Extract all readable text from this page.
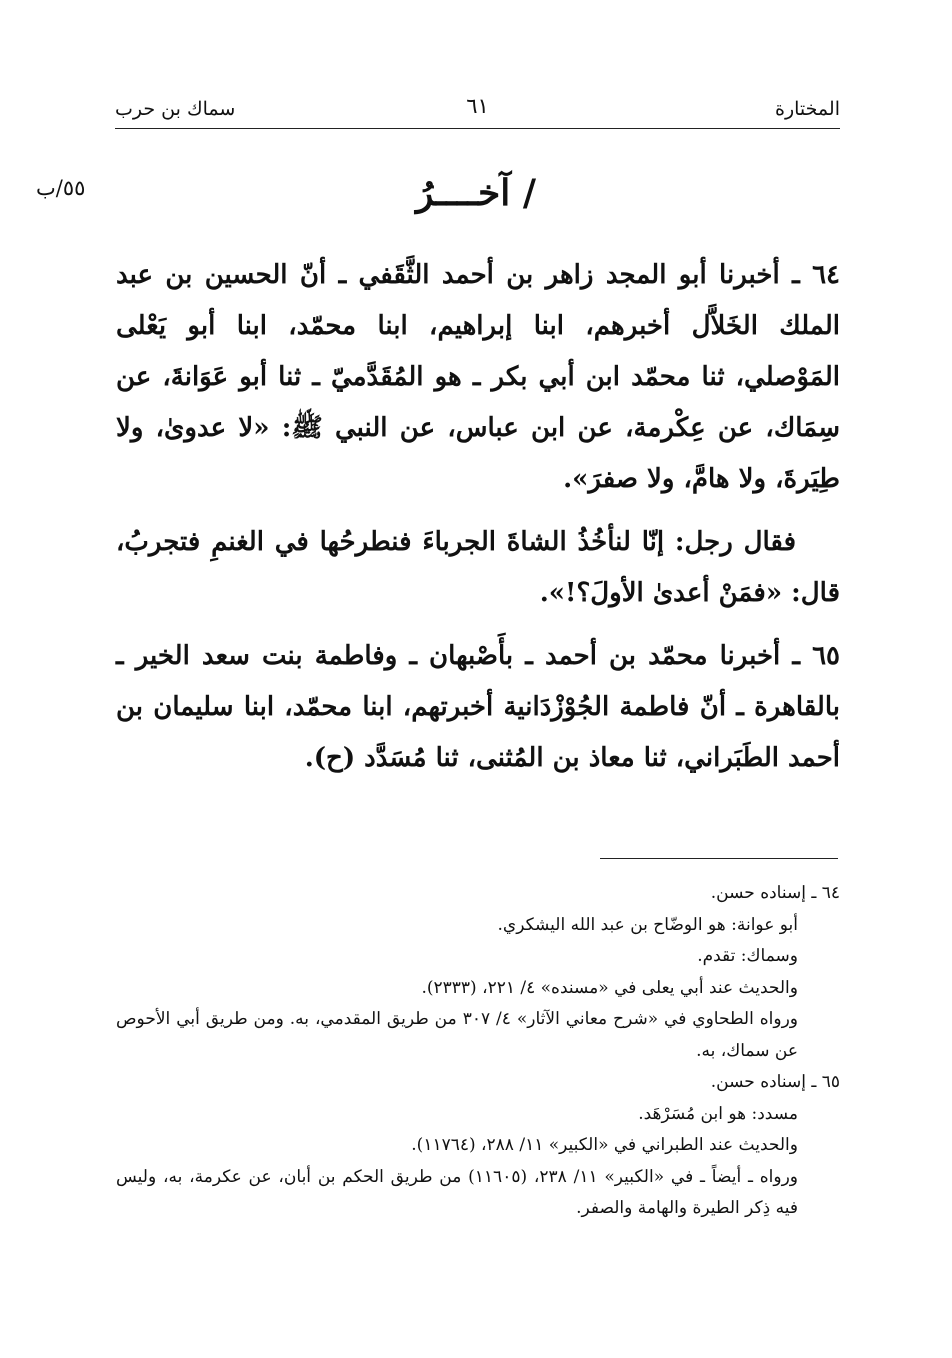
المختارة
٦١
سماك بن حرب
٥٥/ب	/ آخــــرُ

٦٤ ـ أخبرنا أبو المجد زاهر بن أحمد الثَّقَفي ـ أنّ الحسين بن عبد الملك الخَلاَّل أخبرهم، ابنا إبراهيم، ابنا محمّد، ابنا أبو يَعْلى المَوْصلي، ثنا محمّد ابن أبي بكر ـ هو المُقَدَّميّ ـ ثنا أبو عَوَانةَ، عن سِمَاك، عن عِكْرمة، عن ابن عباس، عن النبي ﷺ: «لا عدوىٰ، ولا طِيَرةَ، ولا هامَّ، ولا صفرَ».

فقال رجل: إنّا لنأخُذُ الشاةَ الجرباءَ فنطرحُها في الغنمِ فتجربُ، قال: «فمَنْ أعدىٰ الأولَ؟!».

٦٥ ـ أخبرنا محمّد بن أحمد ـ بأَصْبهان ـ وفاطمة بنت سعد الخير ـ بالقاهرة ـ أنّ فاطمة الجُوْزْدَانية أخبرتهم، ابنا محمّد، ابنا سليمان بن أحمد الطَبَراني، ثنا معاذ بن المُثنى، ثنا مُسَدَّد (ح).

٦٤ ـ إسناده حسن.

أبو عوانة: هو الوضّاح بن عبد الله اليشكري.

وسماك: تقدم.

والحديث عند أبي يعلى في «مسنده» ٤/ ٢٢١، (٢٣٣٣).

ورواه الطحاوي في «شرح معاني الآثار» ٤/ ٣٠٧ من طريق المقدمي، به. ومن طريق أبي الأحوص عن سماك، به.

٦٥ ـ إسناده حسن.

مسدد: هو ابن مُسَرْهَد.

والحديث عند الطبراني في «الكبير» ١١/ ٢٨٨، (١١٧٦٤).

ورواه ـ أيضاً ـ في «الكبير» ١١/ ٢٣٨، (١١٦٠٥) من طريق الحكم بن أبان، عن عكرمة، به، وليس فيه ذِكر الطيرة والهامة والصفر.
